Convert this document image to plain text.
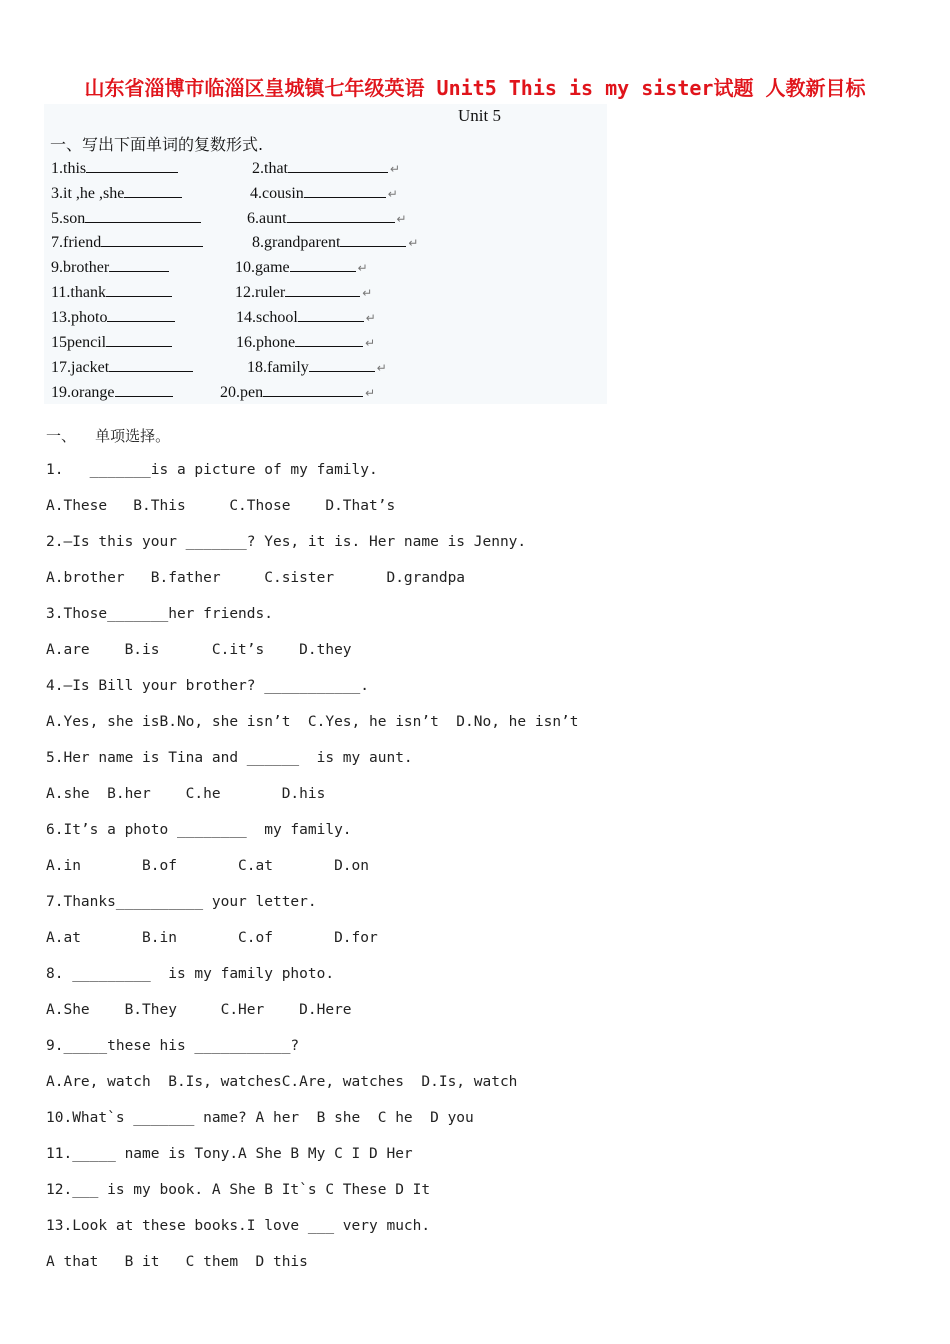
山东省淄博市临淄区皇城镇七年级英语 Unit5 This is my sister试题 人教新目标
Unit 5
一、写出下面单词的复数形式.
1.this	2.that	↵
3.it ,he ,she	4.cousin	↵
5.son	6.aunt	↵
7.friend	8.grandparent	↵
9.brother	10.game	↵
11.thank	12.ruler	↵
13.photo	14.school	↵
15pencil	16.phone	↵
17.jacket	18.family	↵
19.orange	20.pen	↵
一、    单项选择。
1.   _______is a picture of my family.
A.These   B.This     C.Those    D.That’s
2.—Is this your _______? Yes, it is. Her name is Jenny.
A.brother   B.father     C.sister      D.grandpa
3.Those_______her friends.
A.are    B.is      C.it’s    D.they
4.—Is Bill your brother? ___________.
A.Yes, she isB.No, she isn’t  C.Yes, he isn’t  D.No, he isn’t
5.Her name is Tina and ______  is my aunt.
A.she  B.her    C.he       D.his
6.It’s a photo ________  my family.
A.in       B.of       C.at       D.on
7.Thanks__________ your letter.
A.at       B.in       C.of       D.for
8. _________  is my family photo.
A.She    B.They     C.Her    D.Here
9._____these his ___________?
A.Are, watch  B.Is, watchesC.Are, watches  D.Is, watch
10.What`s _______ name? A her  B she  C he  D you
11._____ name is Tony.A She B My C I D Her
12.___ is my book. A She B It`s C These D It
13.Look at these books.I love ___ very much.
A that   B it   C them  D this
